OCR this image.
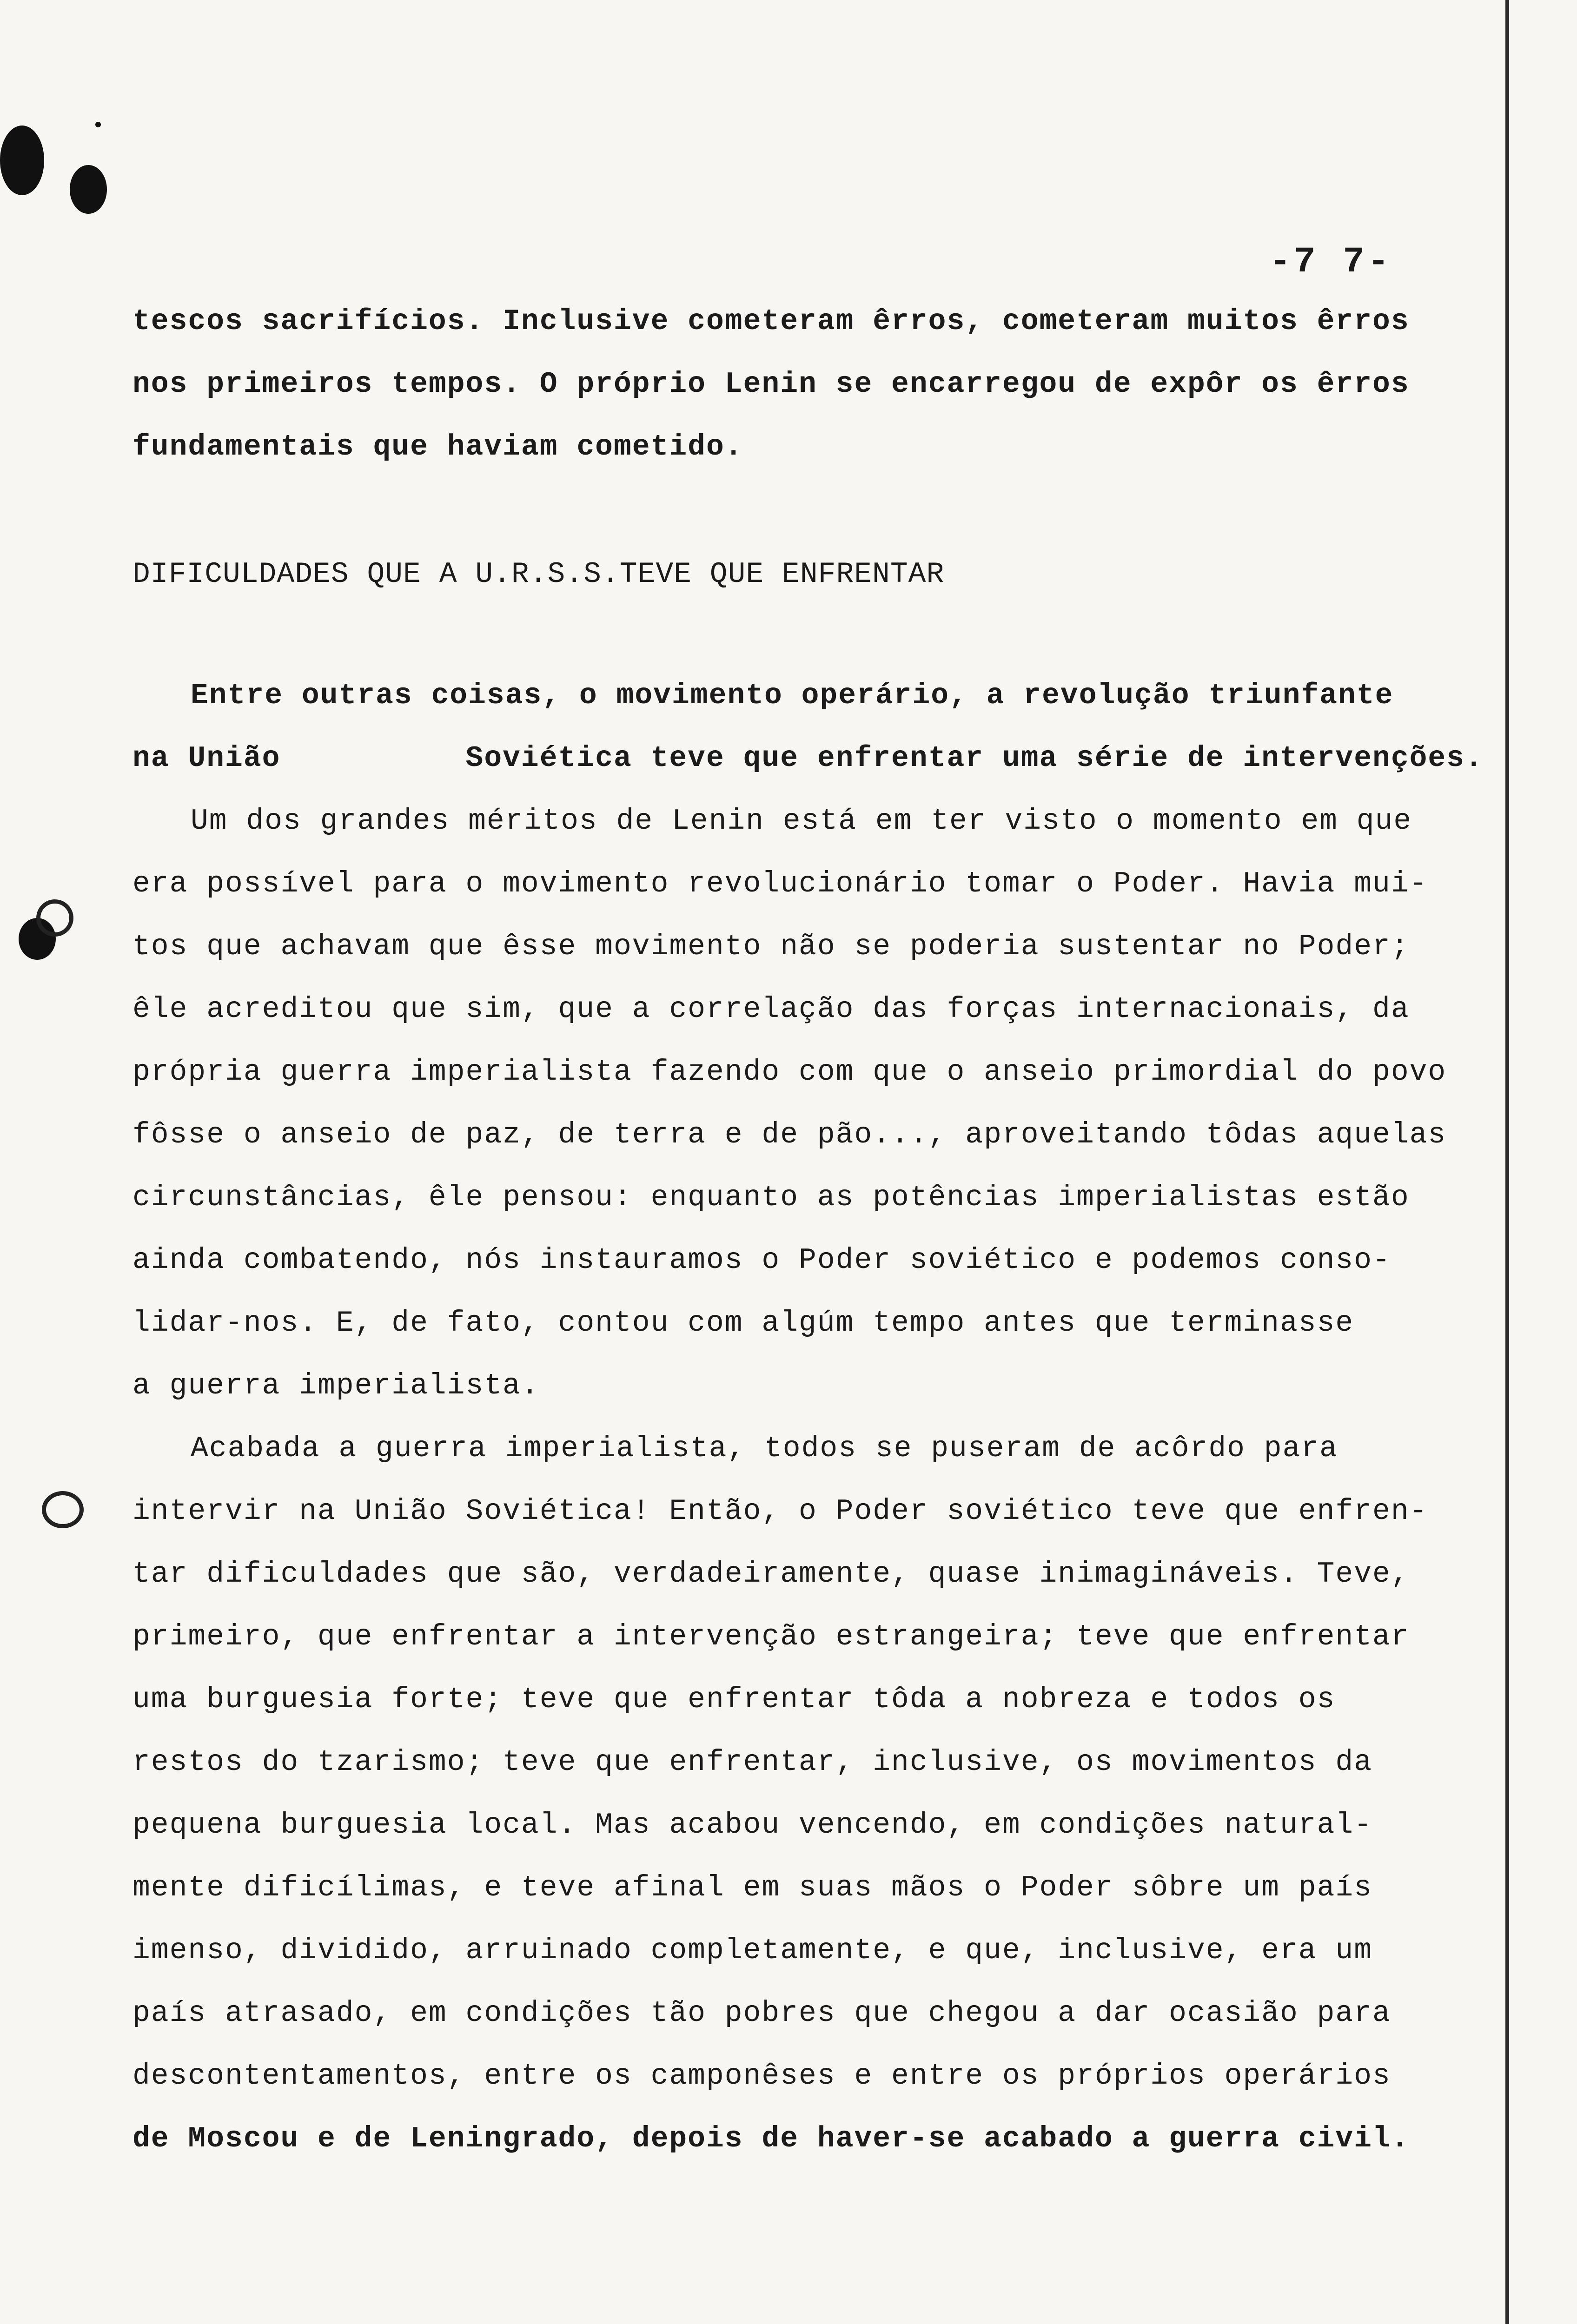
-7 7-
tescos sacrifícios. Inclusive cometeram êrros, cometeram muitos êrros
nos primeiros tempos. O próprio Lenin se encarregou de expôr os êrros
fundamentais que haviam cometido.
DIFICULDADES QUE A U.R.S.S.TEVE QUE ENFRENTAR
Entre outras coisas, o movimento operário, a revolução triunfante
na União          Soviética teve que enfrentar uma série de intervenções.
Um dos grandes méritos de Lenin está em ter visto o momento em que
era possível para o movimento revolucionário tomar o Poder. Havia mui-
tos que achavam que êsse movimento não se poderia sustentar no Poder;
êle acreditou que sim, que a correlação das forças internacionais, da
própria guerra imperialista fazendo com que o anseio primordial do povo
fôsse o anseio de paz, de terra e de pão..., aproveitando tôdas aquelas
circunstâncias, êle pensou: enquanto as potências imperialistas estão
ainda combatendo, nós instauramos o Poder soviético e podemos conso-
lidar-nos. E, de fato, contou com algúm tempo antes que terminasse
a guerra imperialista.
Acabada a guerra imperialista, todos se puseram de acôrdo para
intervir na União Soviética! Então, o Poder soviético teve que enfren-
tar dificuldades que são, verdadeiramente, quase inimagináveis. Teve,
primeiro, que enfrentar a intervenção estrangeira; teve que enfrentar
uma burguesia forte; teve que enfrentar tôda a nobreza e todos os
restos do tzarismo; teve que enfrentar, inclusive, os movimentos da
pequena burguesia local. Mas acabou vencendo, em condições natural-
mente dificílimas, e teve afinal em suas mãos o Poder sôbre um país
imenso, dividido, arruinado completamente, e que, inclusive, era um
país atrasado, em condições tão pobres que chegou a dar ocasião para
descontentamentos, entre os camponêses e entre os próprios operários
de Moscou e de Leningrado, depois de haver-se acabado a guerra civil.
